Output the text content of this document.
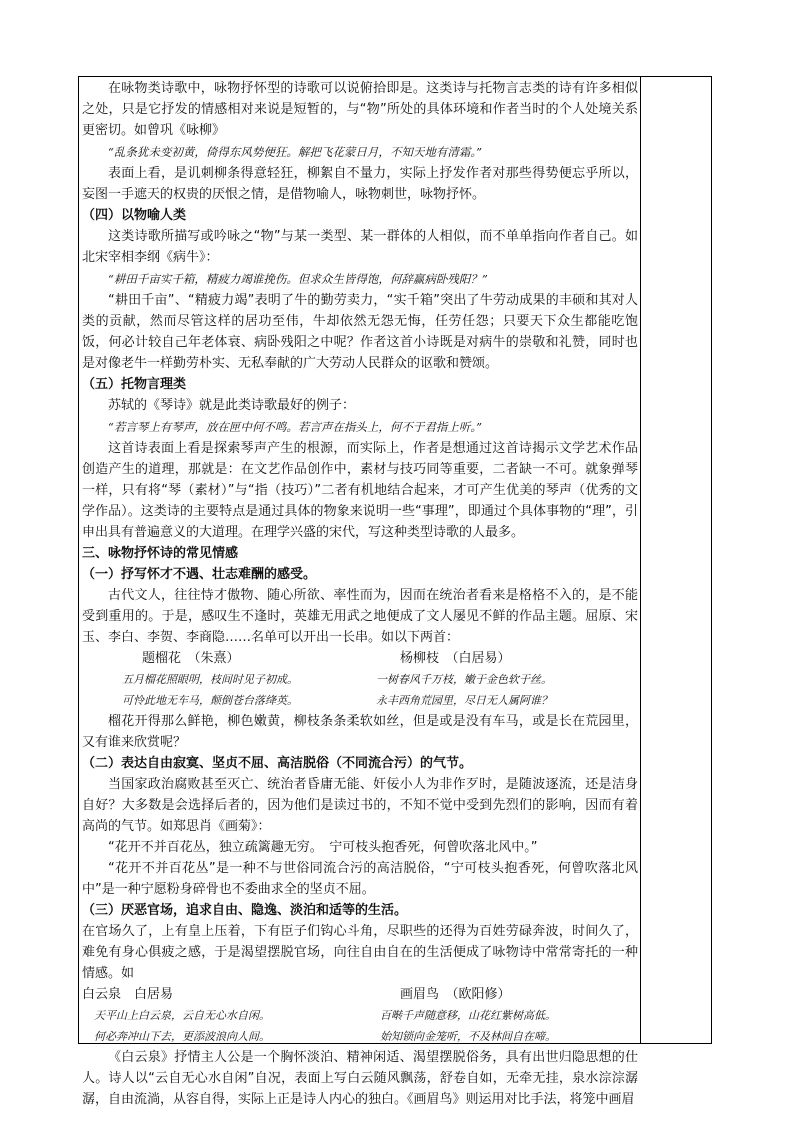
在咏物类诗歌中，咏物抒怀型的诗歌可以说俯拾即是。这类诗与托物言志类的诗有许多相似之处，只是它抒发的情感相对来说是短暂的，与“物”所处的具体环境和作者当时的个人处境关系更密切。如曾巩《咏柳》

“乱条犹未变初黄，倚得东风势便狂。解把飞花蒙日月，不知天地有清霜。”

表面上看，是讥刺柳条得意轻狂，柳絮自不量力，实际上抒发作者对那些得势便忘乎所以，妄图一手遮天的权贵的厌恨之情，是借物喻人，咏物刺世，咏物抒怀。

（四）以物喻人类

这类诗歌所描写或吟咏之“物”与某一类型、某一群体的人相似，而不单单指向作者自己。如北宋宰相李纲《病牛》：

“耕田千亩实千箱，精疲力竭谁挽伤。但求众生皆得饱，何辞赢病卧残阳？”

“耕田千亩”、“精疲力竭”表明了牛的勤劳卖力，“实千箱”突出了牛劳动成果的丰硕和其对人类的贡献，然而尽管这样的居功至伟，牛却依然无怨无悔，任劳任怨；只要天下众生都能吃饱饭，何必计较自己年老体衰、病卧残阳之中呢？作者这首小诗既是对病牛的崇敬和礼赞，同时也是对像老牛一样勤劳朴实、无私奉献的广大劳动人民群众的讴歌和赞颂。

（五）托物言理类

苏轼的《琴诗》就是此类诗歌最好的例子：

“若言琴上有琴声，放在匣中何不鸣。若言声在指头上，何不于君指上听。”

这首诗表面上看是探索琴声产生的根源，而实际上，作者是想通过这首诗揭示文学艺术作品创造产生的道理，那就是：在文艺作品创作中，素材与技巧同等重要，二者缺一不可。就象弹琴一样，只有将“琴（素材）”与“指（技巧）”二者有机地结合起来，才可产生优美的琴声（优秀的文学作品）。这类诗的主要特点是通过具体的物象来说明一些“事理”，即通过个具体事物的“理”，引申出具有普遍意义的大道理。在理学兴盛的宋代，写这种类型诗歌的人最多。

三、咏物抒怀诗的常见情感

（一）抒写怀才不遇、壮志难酬的感受。

古代文人，往往恃才傲物、随心所欲、率性而为，因而在统治者看来是格格不入的，是不能受到重用的。于是，感叹生不逢时，英雄无用武之地便成了文人屡见不鲜的作品主题。屈原、宋玉、李白、李贺、李商隐……名单可以开出一长串。如以下两首：

题榴花　（朱熹）

五月榴花照眼明，枝间时见子初成。

可怜此地无车马，颠倒苍台落绛英。

杨柳枝　（白居易）

一树春风千万枝，嫩于金色软于丝。

永丰西角荒园里，尽日无人属阿谁？

榴花开得那么鲜艳，柳色嫩黄，柳枝条条柔软如丝，但是或是没有车马，或是长在荒园里，又有谁来欣赏呢？

（二）表达自由寂寞、坚贞不屈、高洁脱俗（不同流合污）的气节。

当国家政治腐败甚至灭亡、统治者昏庸无能、奸佞小人为非作歹时，是随波逐流，还是洁身自好？大多数是会选择后者的，因为他们是读过书的，不知不觉中受到先烈们的影响，因而有着高尚的气节。如郑思肖《画菊》：

“花开不并百花丛，独立疏篱趣无穷。　宁可枝头抱香死，何曾吹落北风中。”

“花开不并百花丛”是一种不与世俗同流合污的高洁脱俗，“宁可枝头抱香死，何曾吹落北风中”是一种宁愿粉身碎骨也不委曲求全的坚贞不屈。

（三）厌恶官场，追求自由、隐逸、淡泊和适等的生活。

在官场久了，上有皇上压着，下有臣子们钩心斗角，尽职些的还得为百姓劳碌奔波，时间久了，难免有身心俱疲之感，于是渴望摆脱官场，向往自由自在的生活便成了咏物诗中常常寄托的一种情感。如

白云泉　白居易

天平山上白云泉，云自无心水自闲。

何必奔冲山下去，更添波浪向人间。

画眉鸟　（欧阳修）

百啭千声随意移，山花红紫树高低。

始知锁向金笼听，不及林间自在啼。

《白云泉》抒情主人公是一个胸怀淡泊、精神闲适、渴望摆脱俗务，具有出世归隐思想的仕人。诗人以“云自无心水自闲”自况，表面上写白云随风飘荡，舒卷自如，无牵无挂，泉水淙淙潺潺，自由流淌，从容自得，实际上正是诗人内心的独白。《画眉鸟》则运用对比手法，将笼中画眉
